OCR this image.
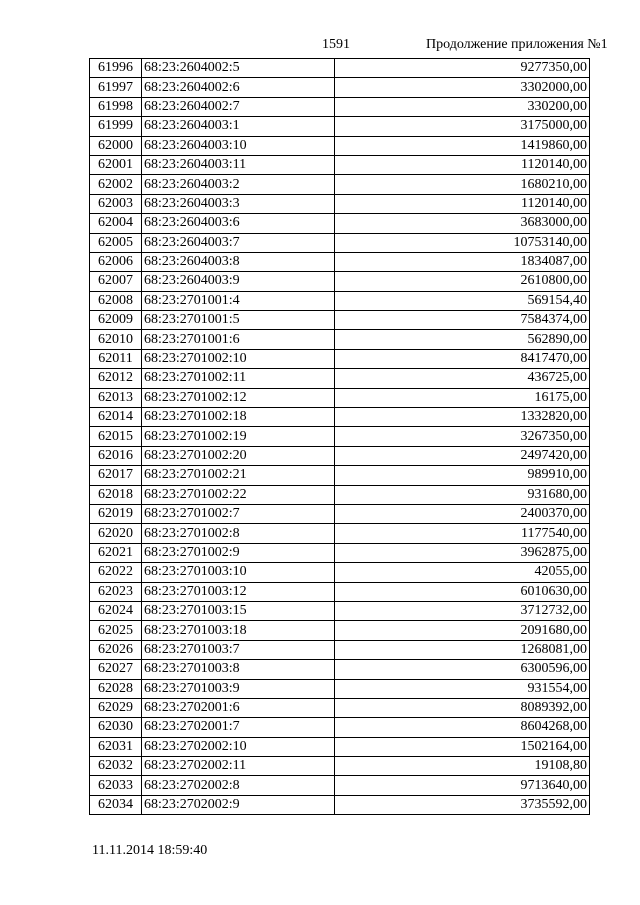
1591	Продолжение приложения №1
61996	68:23:2604002:5	9277350,00
61997	68:23:2604002:6	3302000,00
61998	68:23:2604002:7	330200,00
61999	68:23:2604003:1	3175000,00
62000	68:23:2604003:10	1419860,00
62001	68:23:2604003:11	1120140,00
62002	68:23:2604003:2	1680210,00
62003	68:23:2604003:3	1120140,00
62004	68:23:2604003:6	3683000,00
62005	68:23:2604003:7	10753140,00
62006	68:23:2604003:8	1834087,00
62007	68:23:2604003:9	2610800,00
62008	68:23:2701001:4	569154,40
62009	68:23:2701001:5	7584374,00
62010	68:23:2701001:6	562890,00
62011	68:23:2701002:10	8417470,00
62012	68:23:2701002:11	436725,00
62013	68:23:2701002:12	16175,00
62014	68:23:2701002:18	1332820,00
62015	68:23:2701002:19	3267350,00
62016	68:23:2701002:20	2497420,00
62017	68:23:2701002:21	989910,00
62018	68:23:2701002:22	931680,00
62019	68:23:2701002:7	2400370,00
62020	68:23:2701002:8	1177540,00
62021	68:23:2701002:9	3962875,00
62022	68:23:2701003:10	42055,00
62023	68:23:2701003:12	6010630,00
62024	68:23:2701003:15	3712732,00
62025	68:23:2701003:18	2091680,00
62026	68:23:2701003:7	1268081,00
62027	68:23:2701003:8	6300596,00
62028	68:23:2701003:9	931554,00
62029	68:23:2702001:6	8089392,00
62030	68:23:2702001:7	8604268,00
62031	68:23:2702002:10	1502164,00
62032	68:23:2702002:11	19108,80
62033	68:23:2702002:8	9713640,00
62034	68:23:2702002:9	3735592,00
11.11.2014 18:59:40
